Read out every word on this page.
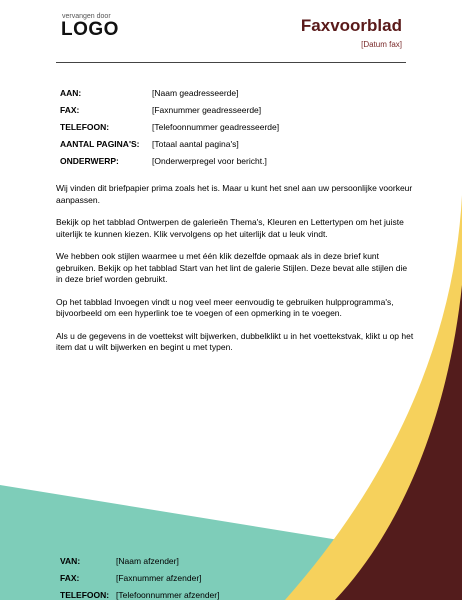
vervangen door
LOGO	Faxvoorblad
[Datum fax]
AAN:	[Naam geadresseerde]
FAX:	[Faxnummer geadresseerde]
TELEFOON:	[Telefoonnummer geadresseerde]
AANTAL PAGINA'S:	[Totaal aantal pagina's]
ONDERWERP:	[Onderwerpregel voor bericht.]

Wij vinden dit briefpapier prima zoals het is. Maar u kunt het snel aan uw persoonlijke voorkeur aanpassen.

Bekijk op het tabblad Ontwerpen de galerieën Thema's, Kleuren en Lettertypen om het juiste uiterlijk te kunnen kiezen. Klik vervolgens op het uiterlijk dat u leuk vindt.

We hebben ook stijlen waarmee u met één klik dezelfde opmaak als in deze brief kunt gebruiken. Bekijk op het tabblad Start van het lint de galerie Stijlen. Deze bevat alle stijlen die in deze brief worden gebruikt.

Op het tabblad Invoegen vindt u nog veel meer eenvoudig te gebruiken hulpprogramma's, bijvoorbeeld om een hyperlink toe te voegen of een opmerking in te voegen.

Als u de gegevens in de voettekst wilt bijwerken, dubbelklikt u in het voettekstvak, klikt u op het item dat u wilt bijwerken en begint u met typen.

VAN:	[Naam afzender]
FAX:	[Faxnummer afzender]
TELEFOON:	[Telefoonnummer afzender]
